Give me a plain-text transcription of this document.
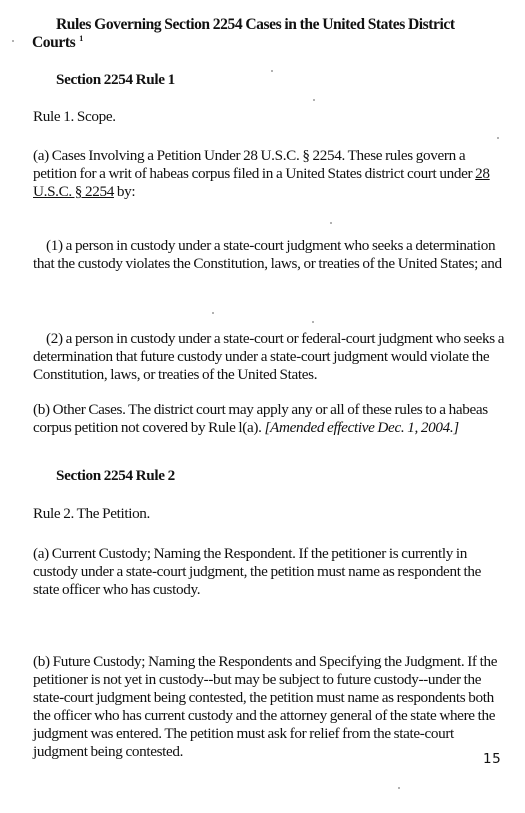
Rules Governing Section 2254 Cases in the United States District Courts $^1$
Section 2254 Rule 1
Rule 1. Scope.
(a) Cases Involving a Petition Under 28 U.S.C. § 2254. These rules govern a petition for a writ of habeas corpus filed in a United States district court under 28 U.S.C. § 2254 by:
(1) a person in custody under a state-court judgment who seeks a determination that the custody violates the Constitution, laws, or treaties of the United States; and
(2) a person in custody under a state-court or federal-court judgment who seeks a determination that future custody under a state-court judgment would violate the Constitution, laws, or treaties of the United States.
(b) Other Cases. The district court may apply any or all of these rules to a habeas corpus petition not covered by Rule l(a). [Amended effective Dec. 1, 2004.]
Section 2254 Rule 2
Rule 2. The Petition.
(a) Current Custody; Naming the Respondent. If the petitioner is currently in custody under a state-court judgment, the petition must name as respondent the state officer who has custody.
(b) Future Custody; Naming the Respondents and Specifying the Judgment. If the petitioner is not yet in custody--but may be subject to future custody--under the state-court judgment being contested, the petition must name as respondents both the officer who has current custody and the attorney general of the state where the judgment was entered. The petition must ask for relief from the state-court judgment being contested.	15
